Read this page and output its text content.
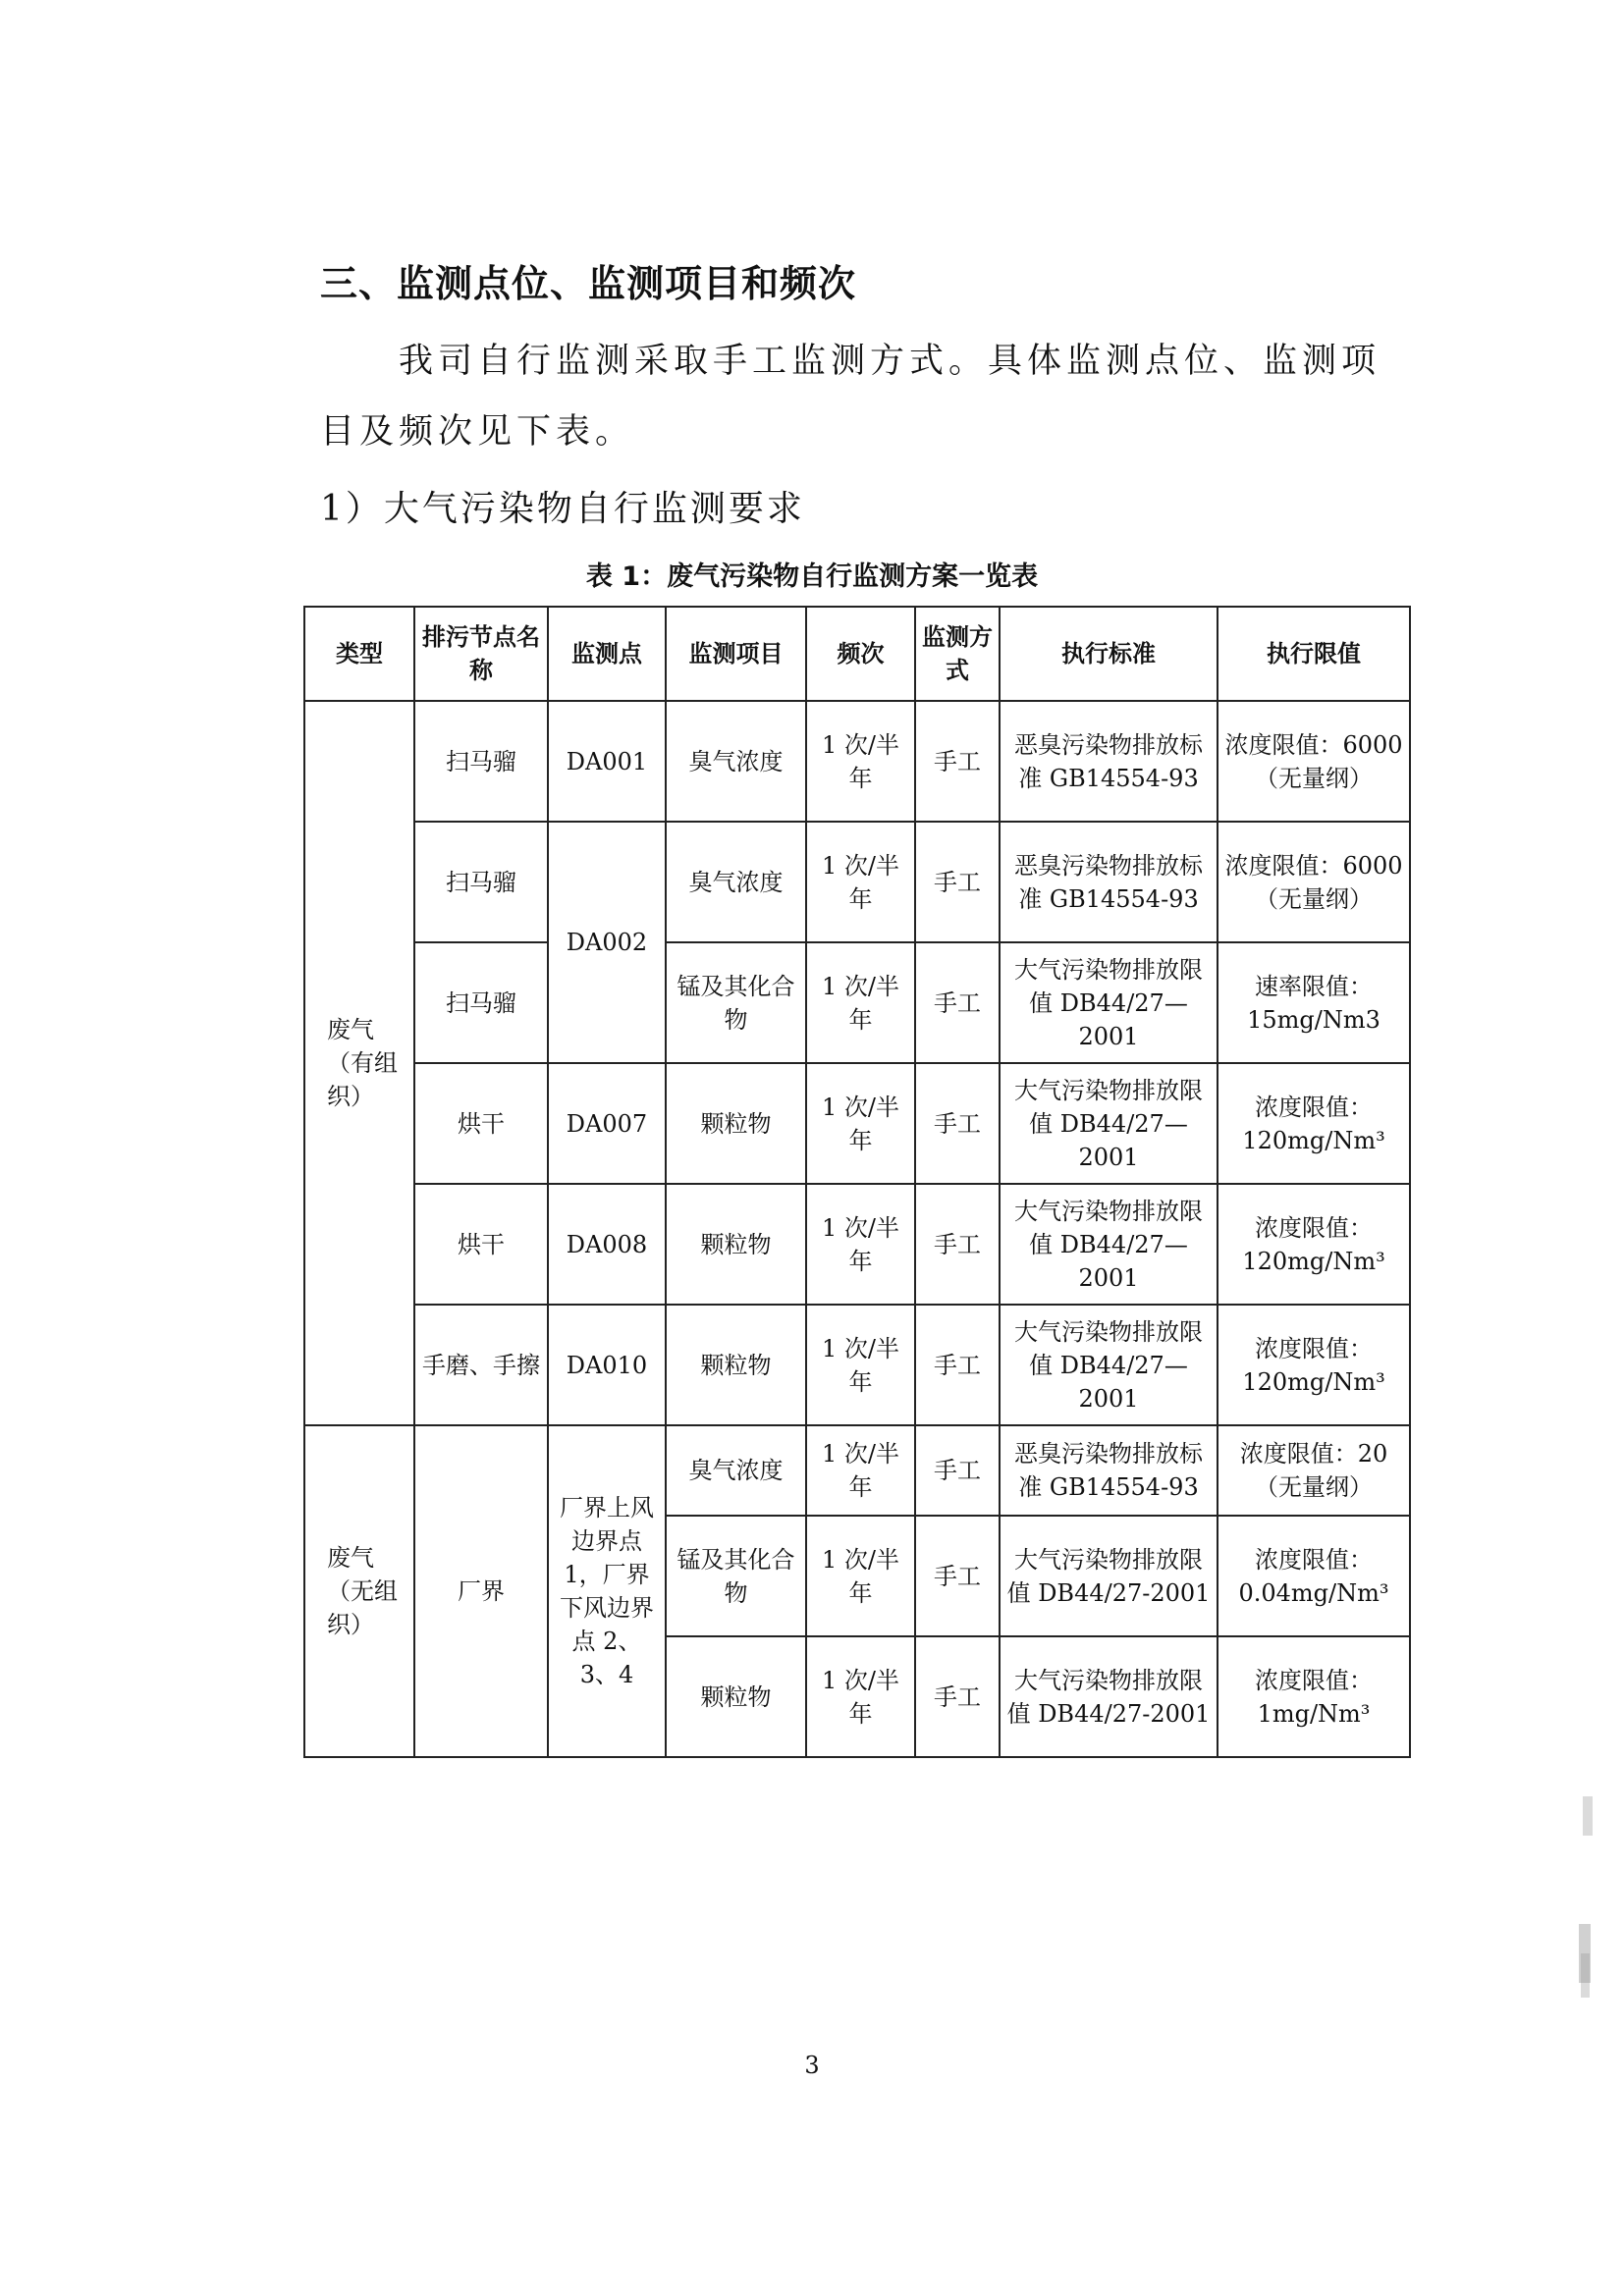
三、监测点位、监测项目和频次
我司自行监测采取手工监测方式。具体监测点位、监测项目及频次见下表。
1）大气污染物自行监测要求
表 1：废气污染物自行监测方案一览表
类型	排污节点名称	监测点	监测项目	频次	监测方式	执行标准	执行限值
废气（有组织）	扫马骝	DA001	臭气浓度	1 次/半年	手工	恶臭污染物排放标准 GB14554-93	浓度限值：6000（无量纲）
	扫马骝	DA002	臭气浓度	1 次/半年	手工	恶臭污染物排放标准 GB14554-93	浓度限值：6000（无量纲）
	扫马骝		锰及其化合物	1 次/半年	手工	大气污染物排放限值 DB44/27—2001	速率限值：15mg/Nm3
	烘干	DA007	颗粒物	1 次/半年	手工	大气污染物排放限值 DB44/27—2001	浓度限值：120mg/Nm³
	烘干	DA008	颗粒物	1 次/半年	手工	大气污染物排放限值 DB44/27—2001	浓度限值：120mg/Nm³
	手磨、手擦	DA010	颗粒物	1 次/半年	手工	大气污染物排放限值 DB44/27—2001	浓度限值：120mg/Nm³
废气（无组织）	厂界	厂界上风边界点 1，厂界下风边界点 2、3、4	臭气浓度	1 次/半年	手工	恶臭污染物排放标准 GB14554-93	浓度限值：20（无量纲）
			锰及其化合物	1 次/半年	手工	大气污染物排放限值 DB44/27-2001	浓度限值：0.04mg/Nm³
			颗粒物	1 次/半年	手工	大气污染物排放限值 DB44/27-2001	浓度限值：1mg/Nm³
3
